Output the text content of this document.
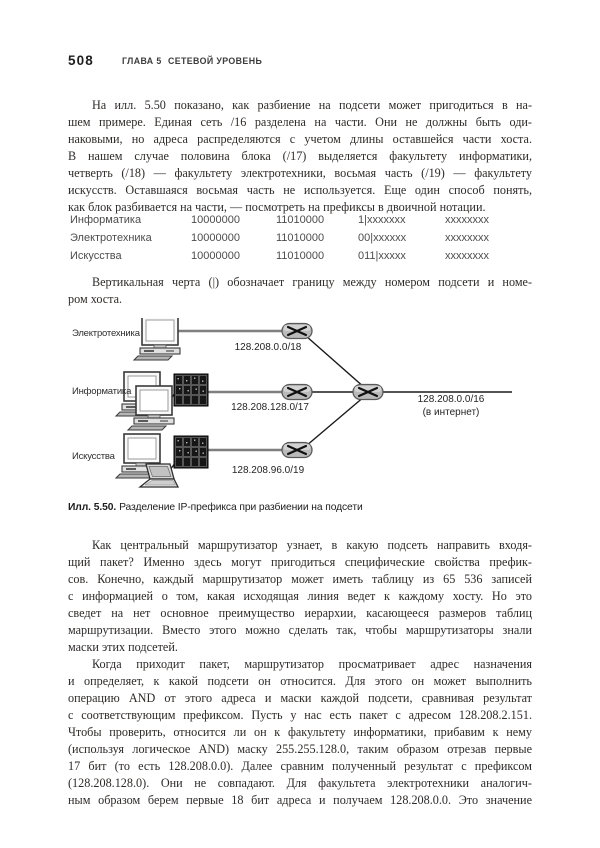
508	ГЛАВА 5 СЕТЕВОЙ УРОВЕНЬ
На илл. 5.50 показано, как разбиение на подсети может пригодиться в на-
шем примере. Единая сеть /16 разделена на части. Они не должны быть оди-
наковыми, но адреса распределяются с учетом длины оставшейся части хоста.
В нашем случае половина блока (/17) выделяется факультету информатики,
четверть (/18) — факультету электротехники, восьмая часть (/19) — факультету
искусств. Оставшаяся восьмая часть не используется. Еще один способ понять,
как блок разбивается на части, — посмотреть на префиксы в двоичной нотации.
Информатика	10000000	11010000	1|xxxxxxx	xxxxxxxx
Электротехника	10000000	11010000	00|xxxxxx	xxxxxxxx
Искусства	10000000	11010000	011|xxxxx	xxxxxxxx
Вертикальная черта (|) обозначает границу между номером подсети и номе-
ром хоста.
Электротехника
Информатика
Искусства
128.208.0.0/18
128.208.128.0/17
128.208.96.0/19
128.208.0.0/16
(в интернет)
Илл. 5.50. Разделение IP-префикса при разбиении на подсети
Как центральный маршрутизатор узнает, в какую подсеть направить входя-
щий пакет? Именно здесь могут пригодиться специфические свойства префик-
сов. Конечно, каждый маршрутизатор может иметь таблицу из 65 536 записей
с информацией о том, какая исходящая линия ведет к каждому хосту. Но это
сведет на нет основное преимущество иерархии, касающееся размеров таблиц
маршрутизации. Вместо этого можно сделать так, чтобы маршрутизаторы знали
маски этих подсетей.
Когда приходит пакет, маршрутизатор просматривает адрес назначения
и определяет, к какой подсети он относится. Для этого он может выполнить
операцию AND от этого адреса и маски каждой подсети, сравнивая результат
с соответствующим префиксом. Пусть у нас есть пакет с адресом 128.208.2.151.
Чтобы проверить, относится ли он к факультету информатики, прибавим к нему
(используя логическое AND) маску 255.255.128.0, таким образом отрезав первые
17 бит (то есть 128.208.0.0). Далее сравним полученный результат с префиксом
(128.208.128.0). Они не совпадают. Для факультета электротехники аналогич-
ным образом берем первые 18 бит адреса и получаем 128.208.0.0. Это значение
